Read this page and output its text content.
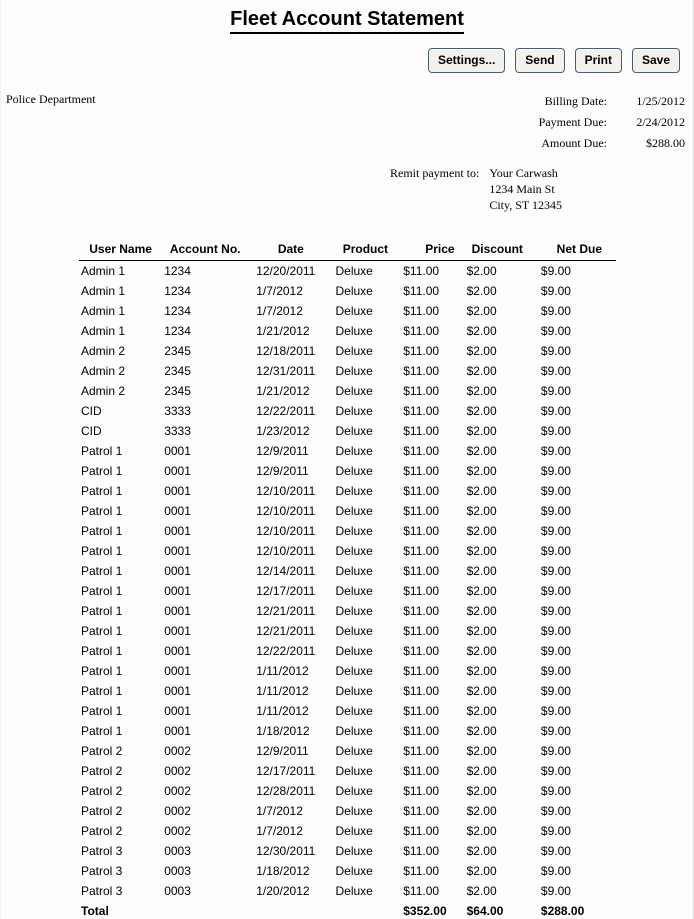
Fleet Account Statement
Settings...	Send	Print	Save
Police Department	Billing Date:	1/25/2012
Payment Due:	2/24/2012
Amount Due:	$288.00
Remit payment to: Your Carwash
1234 Main St
City, ST 12345
User Name	Account No.	Date	Product	Price	Discount	Net Due
Admin 1	1234	12/20/2011	Deluxe	$11.00	$2.00	$9.00
Admin 1	1234	1/7/2012	Deluxe	$11.00	$2.00	$9.00
Admin 1	1234	1/7/2012	Deluxe	$11.00	$2.00	$9.00
Admin 1	1234	1/21/2012	Deluxe	$11.00	$2.00	$9.00
Admin 2	2345	12/18/2011	Deluxe	$11.00	$2.00	$9.00
Admin 2	2345	12/31/2011	Deluxe	$11.00	$2.00	$9.00
Admin 2	2345	1/21/2012	Deluxe	$11.00	$2.00	$9.00
CID	3333	12/22/2011	Deluxe	$11.00	$2.00	$9.00
CID	3333	1/23/2012	Deluxe	$11.00	$2.00	$9.00
Patrol 1	0001	12/9/2011	Deluxe	$11.00	$2.00	$9.00
Patrol 1	0001	12/9/2011	Deluxe	$11.00	$2.00	$9.00
Patrol 1	0001	12/10/2011	Deluxe	$11.00	$2.00	$9.00
Patrol 1	0001	12/10/2011	Deluxe	$11.00	$2.00	$9.00
Patrol 1	0001	12/10/2011	Deluxe	$11.00	$2.00	$9.00
Patrol 1	0001	12/10/2011	Deluxe	$11.00	$2.00	$9.00
Patrol 1	0001	12/14/2011	Deluxe	$11.00	$2.00	$9.00
Patrol 1	0001	12/17/2011	Deluxe	$11.00	$2.00	$9.00
Patrol 1	0001	12/21/2011	Deluxe	$11.00	$2.00	$9.00
Patrol 1	0001	12/21/2011	Deluxe	$11.00	$2.00	$9.00
Patrol 1	0001	12/22/2011	Deluxe	$11.00	$2.00	$9.00
Patrol 1	0001	1/11/2012	Deluxe	$11.00	$2.00	$9.00
Patrol 1	0001	1/11/2012	Deluxe	$11.00	$2.00	$9.00
Patrol 1	0001	1/11/2012	Deluxe	$11.00	$2.00	$9.00
Patrol 1	0001	1/18/2012	Deluxe	$11.00	$2.00	$9.00
Patrol 2	0002	12/9/2011	Deluxe	$11.00	$2.00	$9.00
Patrol 2	0002	12/17/2011	Deluxe	$11.00	$2.00	$9.00
Patrol 2	0002	12/28/2011	Deluxe	$11.00	$2.00	$9.00
Patrol 2	0002	1/7/2012	Deluxe	$11.00	$2.00	$9.00
Patrol 2	0002	1/7/2012	Deluxe	$11.00	$2.00	$9.00
Patrol 3	0003	12/30/2011	Deluxe	$11.00	$2.00	$9.00
Patrol 3	0003	1/18/2012	Deluxe	$11.00	$2.00	$9.00
Patrol 3	0003	1/20/2012	Deluxe	$11.00	$2.00	$9.00
Total				$352.00	$64.00	$288.00
